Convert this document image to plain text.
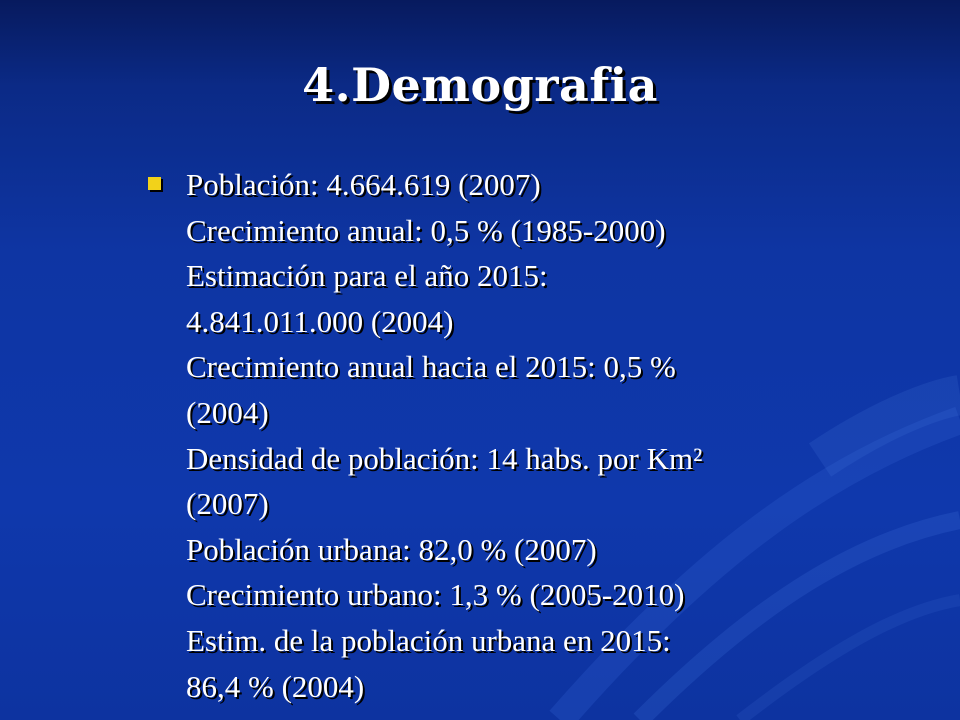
4.Demografia
Población: 4.664.619 (2007)
Crecimiento anual: 0,5 % (1985-2000)
Estimación para el año 2015:
4.841.011.000 (2004)
Crecimiento anual hacia el 2015: 0,5 %
(2004)
Densidad de población: 14 habs. por Km²
(2007)
Población urbana: 82,0 % (2007)
Crecimiento urbano: 1,3 % (2005-2010)
Estim. de la población urbana en 2015:
86,4 % (2004)
